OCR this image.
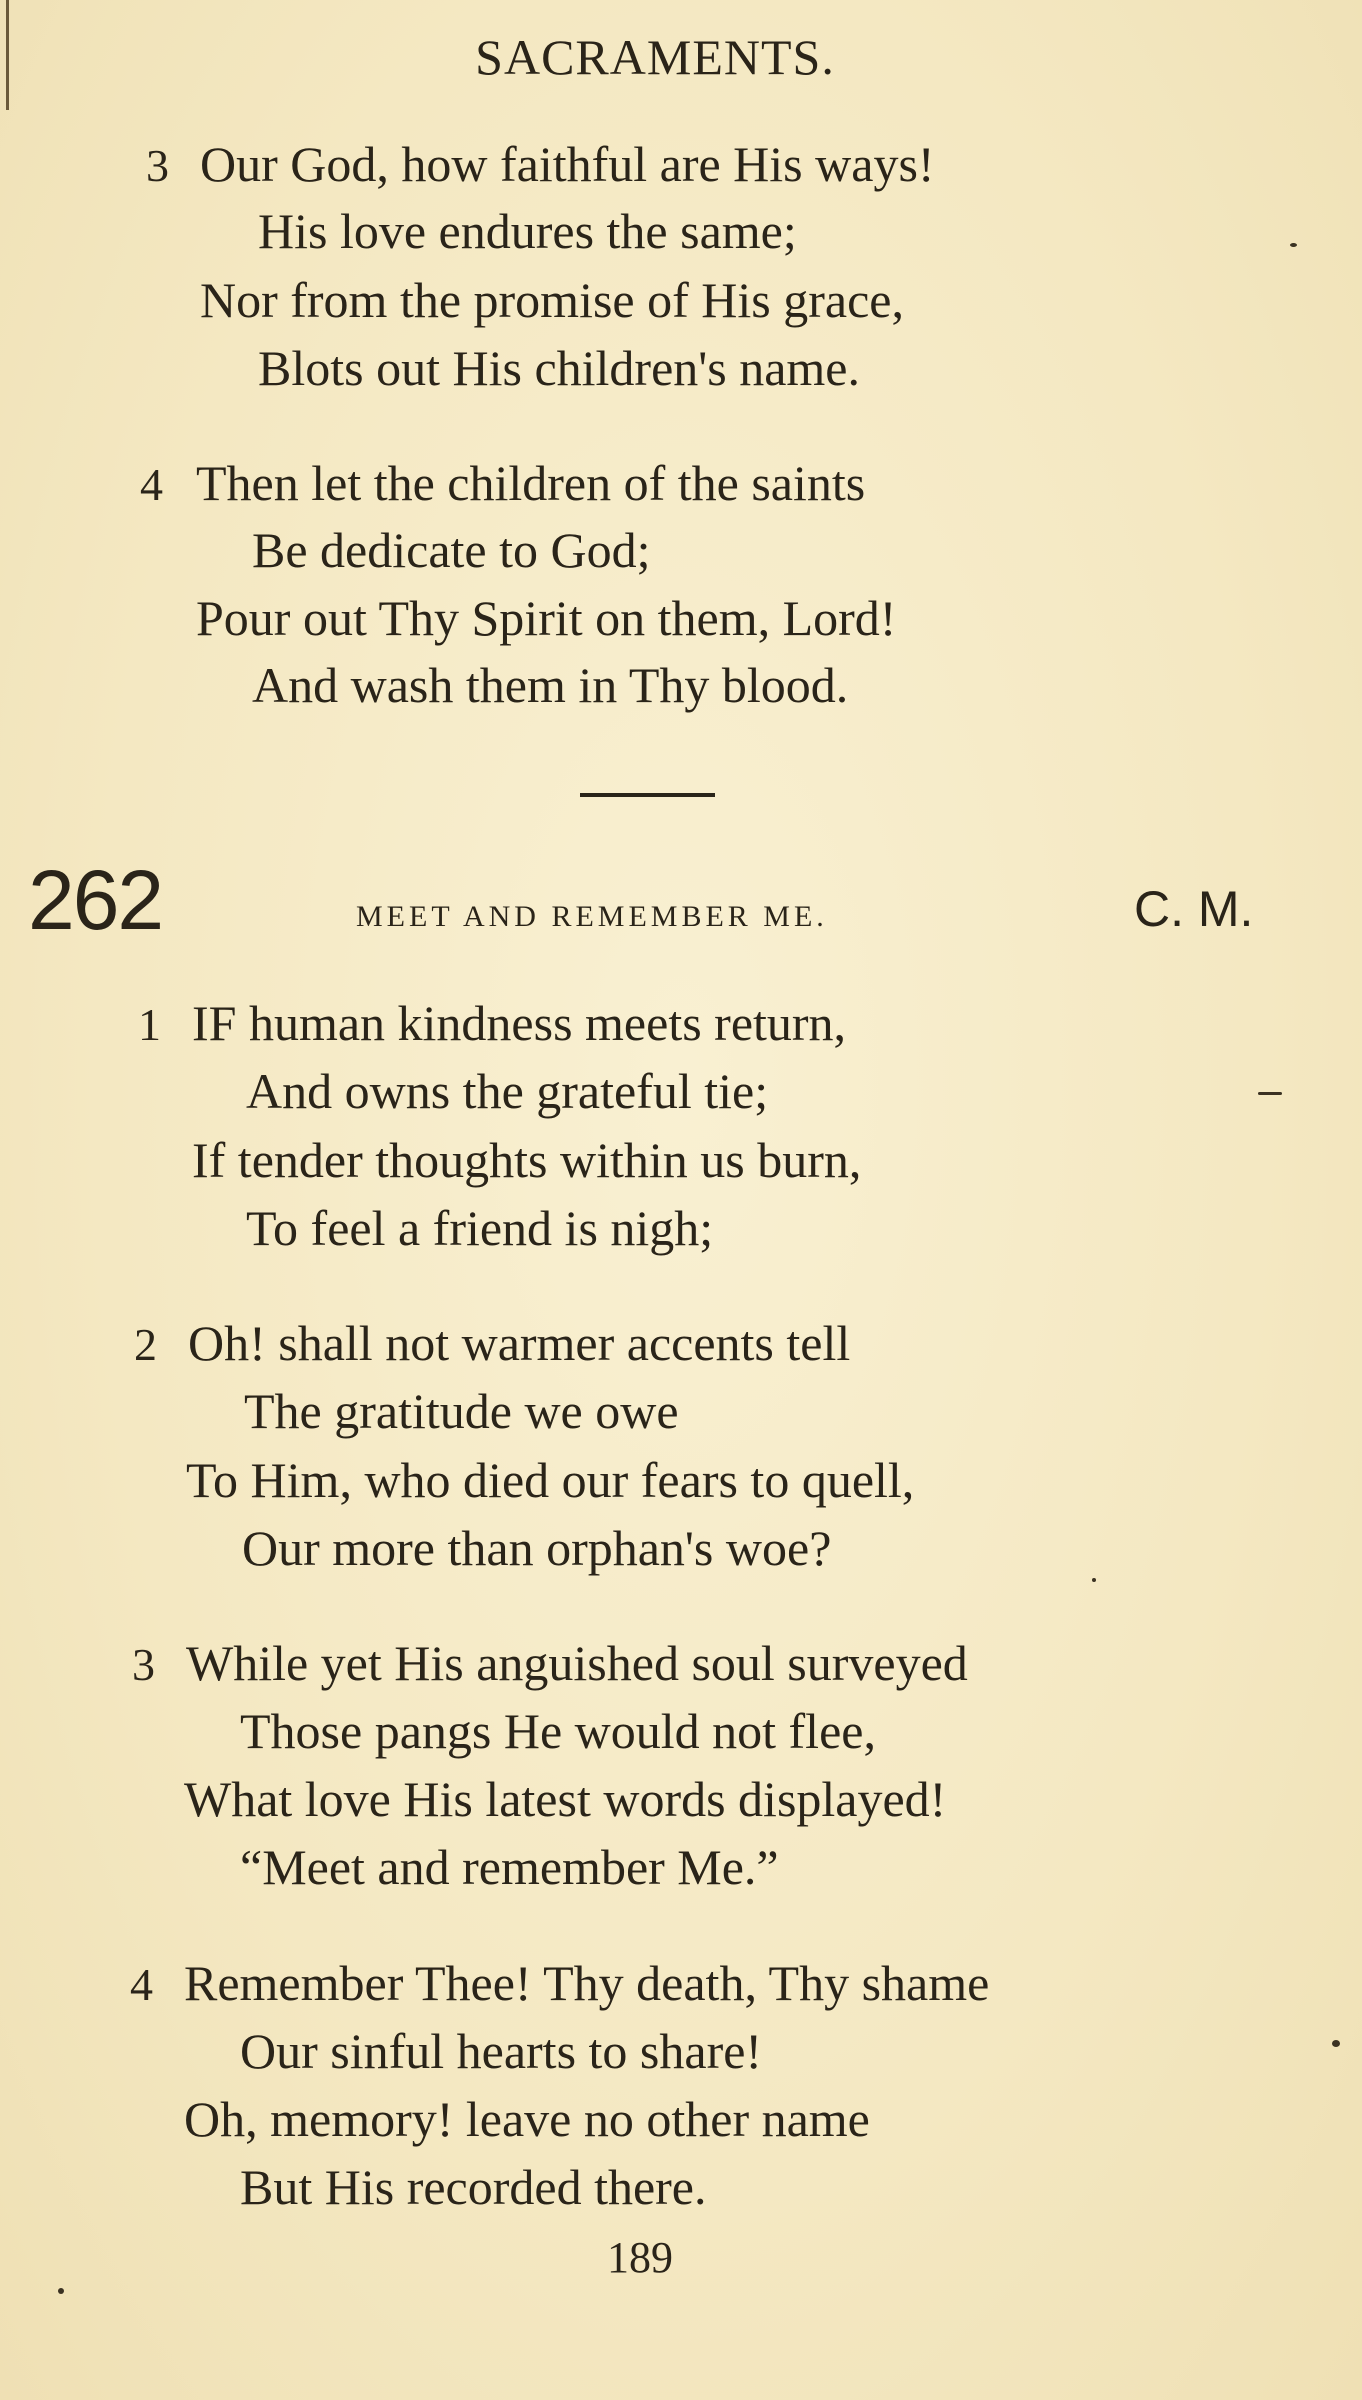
SACRAMENTS.
3 Our God, how faithful are His ways!
His love endures the same;
Nor from the promise of His grace,
Blots out His children's name.
4 Then let the children of the saints
Be dedicate to God;
Pour out Thy Spirit on them, Lord!
And wash them in Thy blood.
262	MEET AND REMEMBER ME.	C. M.
1 IF human kindness meets return,
And owns the grateful tie;
If tender thoughts within us burn,
To feel a friend is nigh;
2 Oh! shall not warmer accents tell
The gratitude we owe
To Him, who died our fears to quell,
Our more than orphan's woe?
3 While yet His anguished soul surveyed
Those pangs He would not flee,
What love His latest words displayed!
“Meet and remember Me.”
4 Remember Thee! Thy death, Thy shame
Our sinful hearts to share!
Oh, memory! leave no other name
But His recorded there.
189
